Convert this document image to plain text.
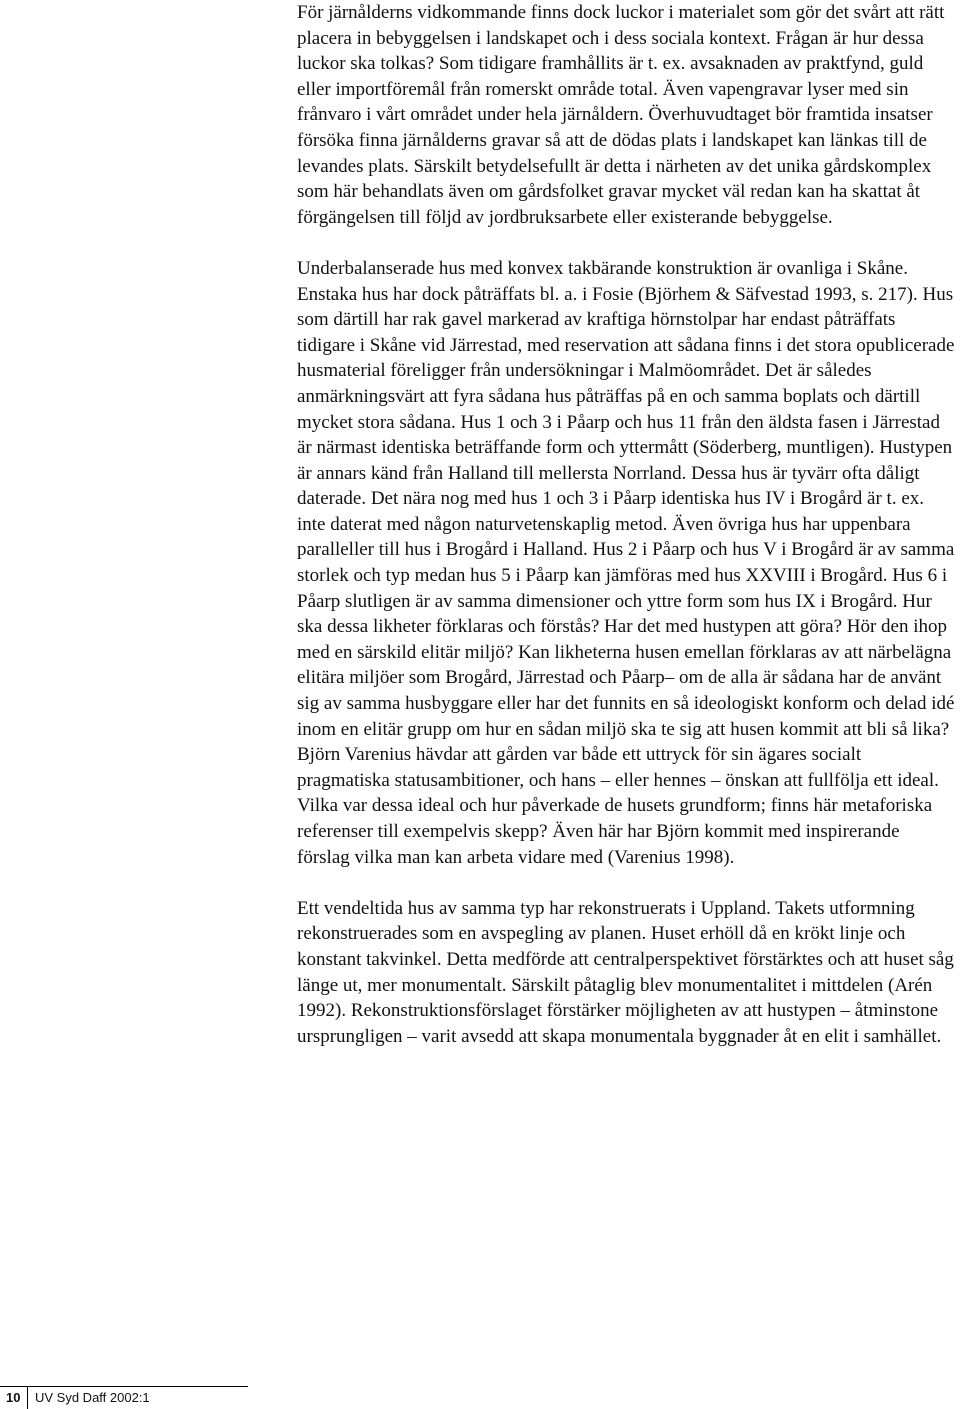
För järnålderns vidkommande finns dock luckor i materialet som gör det svårt att rätt placera in bebyggelsen i landskapet och i dess sociala kontext. Frågan är hur dessa luckor ska tolkas? Som tidigare framhållits är t. ex. avsaknaden av praktfynd, guld eller importföremål från romerskt område total. Även vapengravar lyser med sin frånvaro i vårt området under hela järnåldern. Överhuvudtaget bör framtida insatser försöka finna järnålderns gravar så att de dödas plats i landskapet kan länkas till de levandes plats. Särskilt betydelsefullt är detta i närheten av det unika gårdskomplex som här behandlats även om gårdsfolket gravar mycket väl redan kan ha skattat åt förgängelsen till följd av jordbruksarbete eller existerande bebyggelse.

Underbalanserade hus med konvex takbärande konstruktion är ovanliga i Skåne. Enstaka hus har dock påträffats bl. a. i Fosie (Björhem & Säfvestad 1993, s. 217). Hus som därtill har rak gavel markerad av kraftiga hörnstolpar har endast påträffats tidigare i Skåne vid Järrestad, med reservation att sådana finns i det stora opublicerade husmaterial föreligger från undersökningar i Malmöområdet. Det är således anmärkningsvärt att fyra sådana hus påträffas på en och samma boplats och därtill mycket stora sådana. Hus 1 och 3 i Påarp och hus 11 från den äldsta fasen i Järrestad är närmast identiska beträffande form och yttermått (Söderberg, muntligen). Hustypen är annars känd från Halland till mellersta Norrland. Dessa hus är tyvärr ofta dåligt daterade. Det nära nog med hus 1 och 3 i Påarp identiska hus IV i Brogård är t. ex. inte daterat med någon naturvetenskaplig metod. Även övriga hus har uppenbara paralleller till hus i Brogård i Halland. Hus 2 i Påarp och hus V i Brogård är av samma storlek och typ medan hus 5 i Påarp kan jämföras med hus XXVIII i Brogård. Hus 6 i Påarp slutligen är av samma dimensioner och yttre form som hus IX i Brogård. Hur ska dessa likheter förklaras och förstås? Har det med hustypen att göra? Hör den ihop med en särskild elitär miljö? Kan likheterna husen emellan förklaras av att närbelägna elitära miljöer som Brogård, Järrestad och Påarp– om de alla är sådana har de använt sig av samma husbyggare eller har det funnits en så ideologiskt konform och delad idé inom en elitär grupp om hur en sådan miljö ska te sig att husen kommit att bli så lika? Björn Varenius hävdar att gården var både ett uttryck för sin ägares socialt pragmatiska statusambitioner, och hans – eller hennes – önskan att fullfölja ett ideal. Vilka var dessa ideal och hur påverkade de husets grundform; finns här metaforiska referenser till exempelvis skepp? Även här har Björn kommit med inspirerande förslag vilka man kan arbeta vidare med (Varenius 1998).

Ett vendeltida hus av samma typ har rekonstruerats i Uppland. Takets utformning rekonstruerades som en avspegling av planen. Huset erhöll då en krökt linje och konstant takvinkel. Detta medförde att centralperspektivet förstärktes och att huset såg länge ut, mer monumentalt. Särskilt påtaglig blev monumentalitet i mittdelen (Arén 1992). Rekonstruktionsförslaget förstärker möjligheten av att hustypen – åtminstone ursprungligen – varit avsedd att skapa monumentala byggnader åt en elit i samhället.

10 UV Syd Daff 2002:1
